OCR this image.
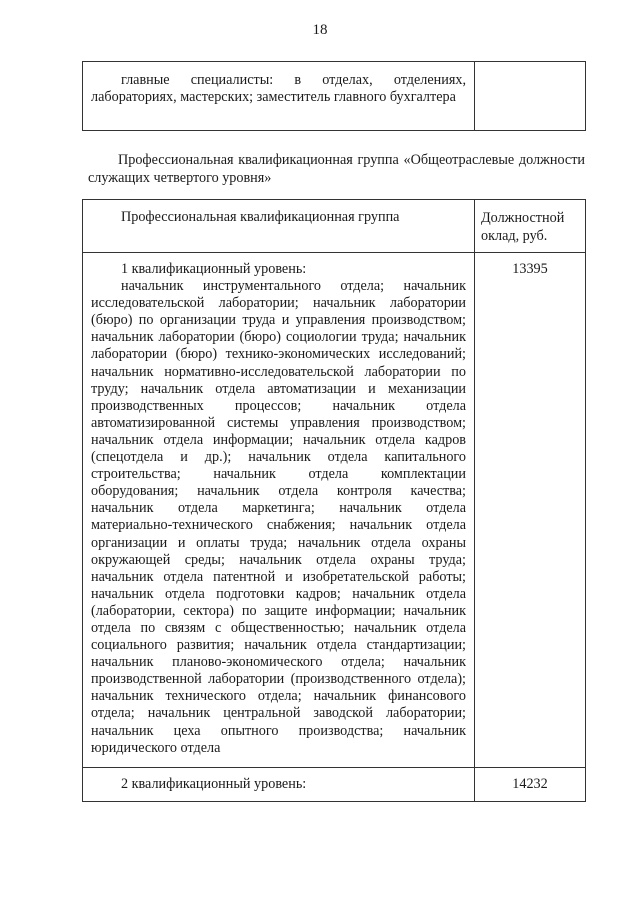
18
главные специалисты: в отделах, отделениях, лабораториях, мастерских; заместитель главного бухгалтера

Профессиональная квалификационная группа «Общеотраслевые должности служащих четвертого уровня»

Профессиональная квалификационная группа	Должностной оклад, руб.

1 квалификационный уровень:
начальник инструментального отдела; начальник исследовательской лаборатории; начальник лаборатории (бюро) по организации труда и управления производством; начальник лаборатории (бюро) социологии труда; начальник лаборатории (бюро) технико-экономических исследований; начальник нормативно-исследовательской лаборатории по труду; начальник отдела автоматизации и механизации производственных процессов; начальник отдела автоматизированной системы управления производством; начальник отдела информации; начальник отдела кадров (спецотдела и др.); начальник отдела капитального строительства; начальник отдела комплектации оборудования; начальник отдела контроля качества; начальник отдела маркетинга; начальник отдела материально-технического снабжения; начальник отдела организации и оплаты труда; начальник отдела охраны окружающей среды; начальник отдела охраны труда; начальник отдела патентной и изобретательской работы; начальник отдела подготовки кадров; начальник отдела (лаборатории, сектора) по защите информации; начальник отдела по связям с общественностью; начальник отдела социального развития; начальник отдела стандартизации; начальник планово-экономического отдела; начальник производственной лаборатории (производственного отдела); начальник технического отдела; начальник финансового отдела; начальник центральной заводской лаборатории; начальник цеха опытного производства; начальник юридического отдела	13395
2 квалификационный уровень:	14232
